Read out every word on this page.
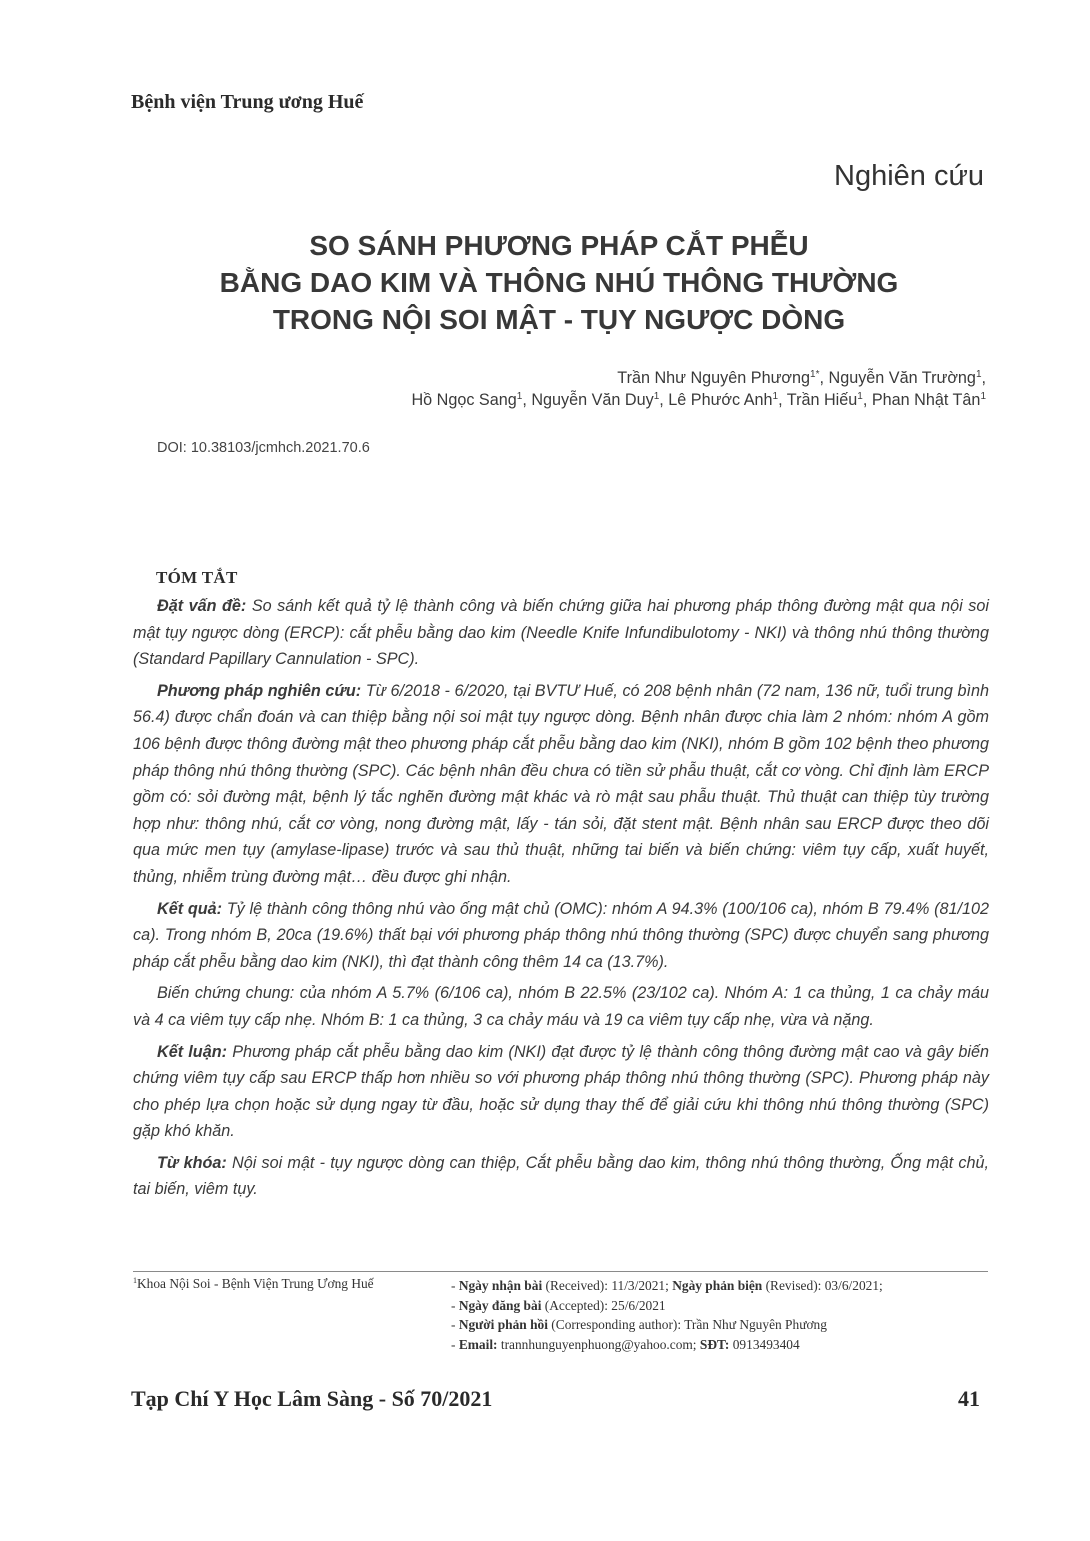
Bệnh viện Trung ương Huế
Nghiên cứu
SO SÁNH PHƯƠNG PHÁP CẮT PHỄU
BẰNG DAO KIM VÀ THÔNG NHÚ THÔNG THƯỜNG
TRONG NỘI SOI MẬT - TỤY NGƯỢC DÒNG
Trần Như Nguyên Phương$^{1*}$, Nguyễn Văn Trường$^1$,
Hồ Ngọc Sang$^1$, Nguyễn Văn Duy$^1$, Lê Phước Anh$^1$, Trần Hiếu$^1$, Phan Nhật Tân$^1$
DOI: 10.38103/jcmhch.2021.70.6
TÓM TẮT

Đặt vấn đề: So sánh kết quả tỷ lệ thành công và biến chứng giữa hai phương pháp thông đường mật qua nội soi mật tụy ngược dòng (ERCP): cắt phễu bằng dao kim (Needle Knife Infundibulotomy - NKI) và thông nhú thông thường (Standard Papillary Cannulation - SPC).

Phương pháp nghiên cứu: Từ 6/2018 - 6/2020, tại BVTƯ Huế, có 208 bệnh nhân (72 nam, 136 nữ, tuổi trung bình 56.4) được chẩn đoán và can thiệp bằng nội soi mật tụy ngược dòng. Bệnh nhân được chia làm 2 nhóm: nhóm A gồm 106 bệnh được thông đường mật theo phương pháp cắt phễu bằng dao kim (NKI), nhóm B gồm 102 bệnh theo phương pháp thông nhú thông thường (SPC). Các bệnh nhân đều chưa có tiền sử phẫu thuật, cắt cơ vòng. Chỉ định làm ERCP gồm có: sỏi đường mật, bệnh lý tắc nghẽn đường mật khác và rò mật sau phẫu thuật. Thủ thuật can thiệp tùy trường hợp như: thông nhú, cắt cơ vòng, nong đường mật, lấy - tán sỏi, đặt stent mật. Bệnh nhân sau ERCP được theo dõi qua mức men tụy (amylase-lipase) trước và sau thủ thuật, những tai biến và biến chứng: viêm tụy cấp, xuất huyết, thủng, nhiễm trùng đường mật… đều được ghi nhận.

Kết quả: Tỷ lệ thành công thông nhú vào ống mật chủ (OMC): nhóm A 94.3% (100/106 ca), nhóm B 79.4% (81/102 ca). Trong nhóm B, 20ca (19.6%) thất bại với phương pháp thông nhú thông thường (SPC) được chuyển sang phương pháp cắt phễu bằng dao kim (NKI), thì đạt thành công thêm 14 ca (13.7%).

Biến chứng chung: của nhóm A 5.7% (6/106 ca), nhóm B 22.5% (23/102 ca). Nhóm A: 1 ca thủng, 1 ca chảy máu và 4 ca viêm tụy cấp nhẹ. Nhóm B: 1 ca thủng, 3 ca chảy máu và 19 ca viêm tụy cấp nhẹ, vừa và nặng.

Kết luận: Phương pháp cắt phễu bằng dao kim (NKI) đạt được tỷ lệ thành công thông đường mật cao và gây biến chứng viêm tụy cấp sau ERCP thấp hơn nhiều so với phương pháp thông nhú thông thường (SPC). Phương pháp này cho phép lựa chọn hoặc sử dụng ngay từ đầu, hoặc sử dụng thay thế để giải cứu khi thông nhú thông thường (SPC) gặp khó khăn.

Từ khóa: Nội soi mật - tụy ngược dòng can thiệp, Cắt phễu bằng dao kim, thông nhú thông thường, Ống mật chủ, tai biến, viêm tụy.

$^1$Khoa Nội Soi - Bệnh Viện Trung Ương Huế	- Ngày nhận bài (Received): 11/3/2021; Ngày phản biện (Revised): 03/6/2021;
- Ngày đăng bài (Accepted): 25/6/2021
- Người phản hồi (Corresponding author): Trần Như Nguyên Phương
- Email: trannhunguyenphuong@yahoo.com; SĐT: 0913493404
Tạp Chí Y Học Lâm Sàng - Số 70/2021	41
